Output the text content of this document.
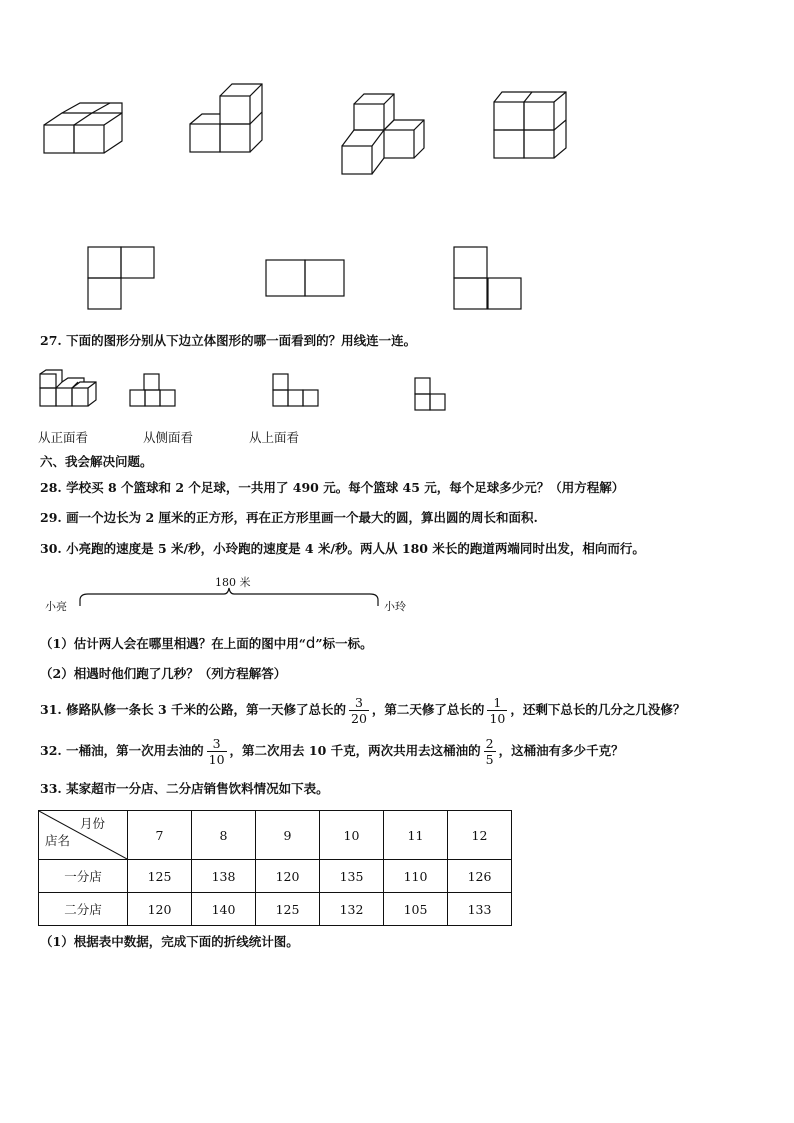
27. 下面的图形分别从下边立体图形的哪一面看到的？用线连一连。
从正面看	从侧面看	从上面看
六、我会解决问题。
28. 学校买 8 个篮球和 2 个足球，一共用了 490 元。每个篮球 45 元，每个足球多少元？（用方程解）
29. 画一个边长为 2 厘米的正方形，再在正方形里画一个最大的圆，算出圆的周长和面积.
30. 小亮跑的速度是 5 米/秒，小玲跑的速度是 4 米/秒。两人从 180 米长的跑道两端同时出发，相向而行。
180 米
小亮	小玲
（1）估计两人会在哪里相遇？在上面的图中用“d”标一标。
（2）相遇时他们跑了几秒？（列方程解答）
31. 修路队修一条长 3 千米的公路，第一天修了总长的 $\frac{3}{20}$ ，第二天修了总长的 $\frac{1}{10}$ ，还剩下总长的几分之几没修？
32. 一桶油，第一次用去油的 $\frac{3}{10}$ ，第二次用去 10 千克，两次共用去这桶油的 $\frac{2}{5}$ ，这桶油有多少千克？
33. 某家超市一分店、二分店销售饮料情况如下表。
月份
店名	7	8	9	10	11	12
一分店	125	138	120	135	110	126
二分店	120	140	125	132	105	133
（1）根据表中数据，完成下面的折线统计图。
